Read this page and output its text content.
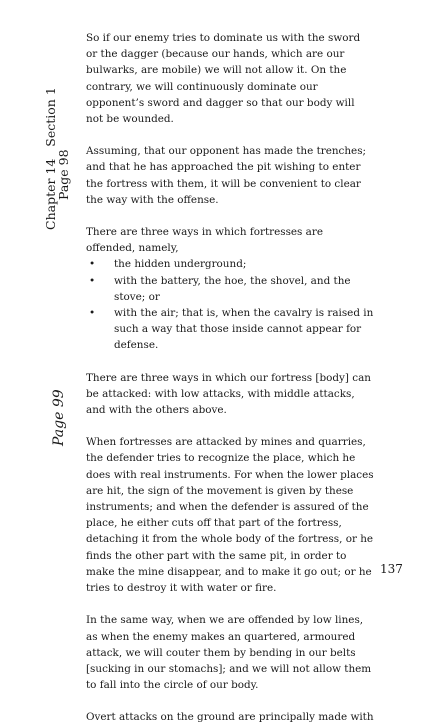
Chapter 14   Section 1
Page 98
Page 99

So if our enemy tries to dominate us with the sword or the dagger (because our hands, which are our bulwarks, are mobile) we will not allow it. On the contrary, we will continuously dominate our opponent’s sword and dagger so that our body will not be wounded.

Assuming, that our opponent has made the trenches; and that he has approached the pit wishing to enter the fortress with them, it will be convenient to clear the way with the offense.

There are three ways in which fortresses are offended, namely,

• the hidden underground;
• with the battery, the hoe, the shovel, and the stove; or
• with the air; that is, when the cavalry is raised in such a way that those inside cannot appear for defense.

There are three ways in which our fortress [body] can be attacked: with low attacks, with middle attacks, and with the others above.

When fortresses are attacked by mines and quarries, the defender tries to recognize the place, which he does with real instruments. For when the lower places are hit, the sign of the movement is given by these instruments; and when the defender is assured of the place, he either cuts off that part of the fortress, detaching it from the whole body of the fortress, or he finds the other part with the same pit, in order to make the mine disappear, and to make it go out; or he tries to destroy it with water or fire.

In the same way, when we are offended by low lines, as when the enemy makes an quartered, armoured attack, we will couter them by bending in our belts [sucking in our stomachs]; and we will not allow them to fall into the circle of our body.

Overt attacks on the ground are principally made with

137
